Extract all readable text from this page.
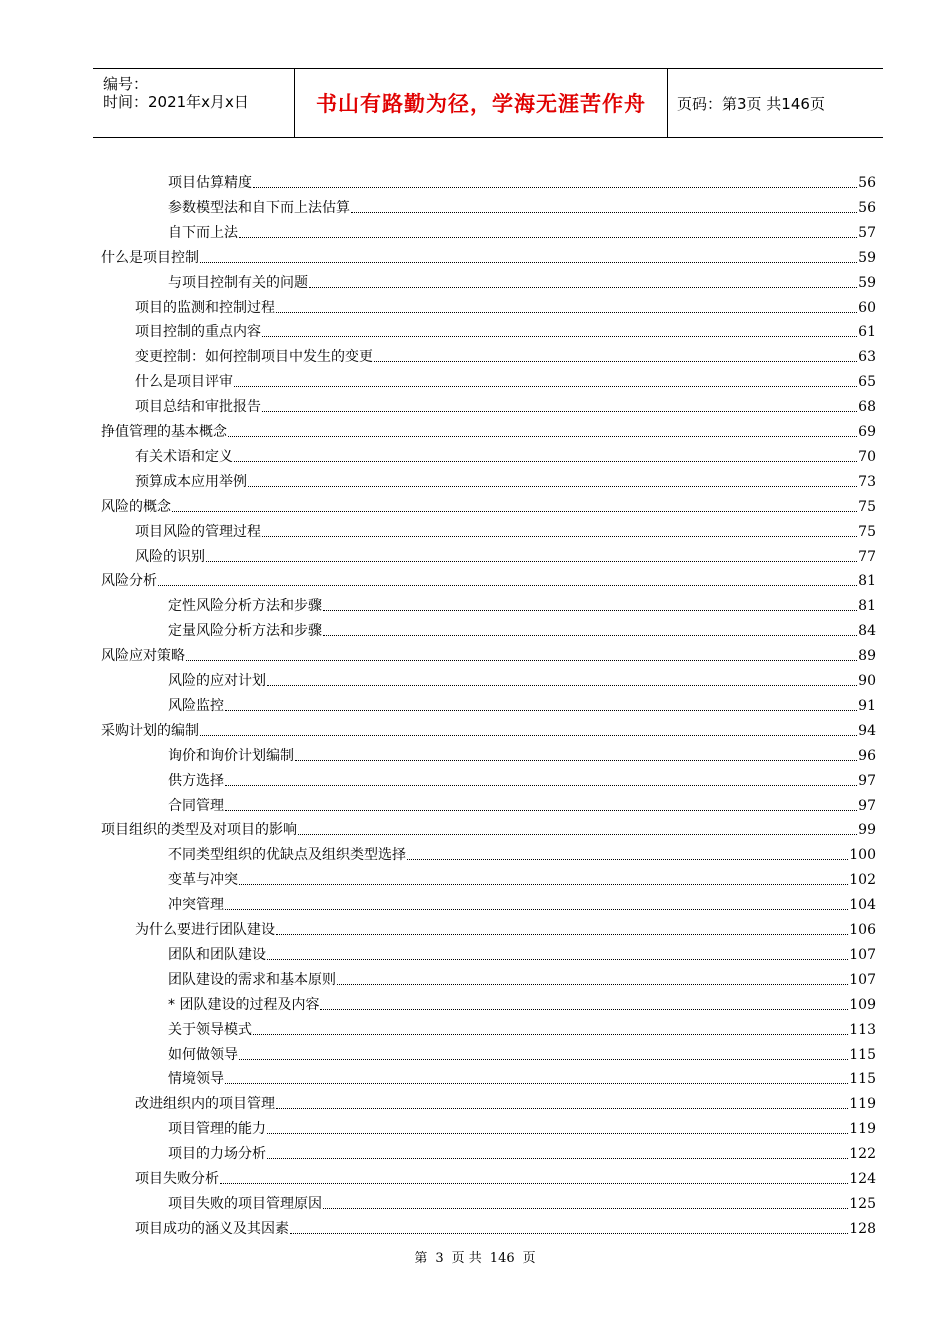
编号：
时间：2021年x月x日	书山有路勤为径，学海无涯苦作舟 页码：第3页 共146页
项目估算精度	56
参数模型法和自下而上法估算	56
自下而上法	57
什么是项目控制	59
与项目控制有关的问题	59
项目的监测和控制过程	60
项目控制的重点内容	61
变更控制：如何控制项目中发生的变更	63
什么是项目评审	65
项目总结和审批报告	68
挣值管理的基本概念	69
有关术语和定义	70
预算成本应用举例	73
风险的概念	75
项目风险的管理过程	75
风险的识别	77
风险分析	81
定性风险分析方法和步骤	81
定量风险分析方法和步骤	84
风险应对策略	89
风险的应对计划	90
风险监控	91
采购计划的编制	94
询价和询价计划编制	96
供方选择	97
合同管理	97
项目组织的类型及对项目的影响	99
不同类型组织的优缺点及组织类型选择	100
变革与冲突	102
冲突管理	104
为什么要进行团队建设	106
团队和团队建设	107
团队建设的需求和基本原则	107
* 团队建设的过程及内容	109
关于领导模式	113
如何做领导	115
情境领导	115
改进组织内的项目管理	119
项目管理的能力	119
项目的力场分析	122
项目失败分析	124
项目失败的项目管理原因	125
项目成功的涵义及其因素	128
第 3 页 共 146 页
